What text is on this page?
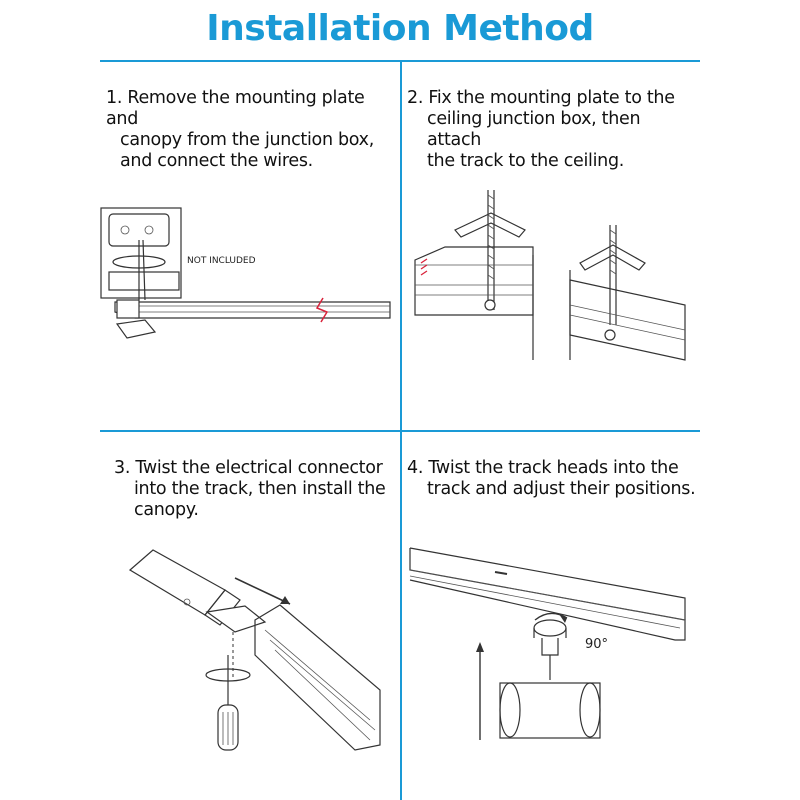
Installation Method
1. Remove the mounting plate and
canopy from the junction box,
and connect the wires.
2. Fix the mounting plate to the
ceiling junction box, then attach
the track to the ceiling.
3. Twist the electrical connector
into the track, then install the
canopy.
4. Twist the track heads into the
track and adjust their positions.
NOT INCLUDED
90°
